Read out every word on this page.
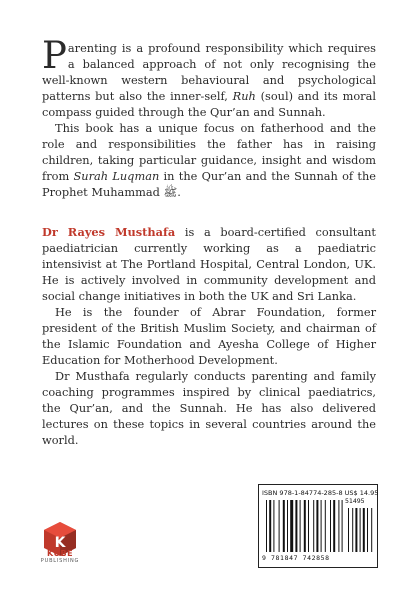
Parenting is a profound responsibility which requires a balanced approach of not only recognising the well-known western behavioural and psychological patterns but also the inner-self, Ruh (soul) and its moral compass guided through the Qur’an and Sunnah.

This book has a unique focus on fatherhood and the role and responsibilities the father has in raising children, taking particular guidance, insight and wisdom from Surah Luqman in the Qur’an and the Sunnah of the Prophet Muhammad ﷺ.

Dr Rayes Musthafa is a board-certified consultant paediatrician currently working as a paediatric intensivist at The Portland Hospital, Central London, UK. He is actively involved in community development and social change initiatives in both the UK and Sri Lanka.

He is the founder of Abrar Foundation, former president of the British Muslim Society, and chairman of the Islamic Foundation and Ayesha College of Higher Education for Motherhood Development.

Dr Musthafa regularly conducts parenting and family coaching programmes inspired by clinical paediatrics, the Qur’an, and the Sunnah. He has also delivered lectures on these topics in several countries around the world.

ISBN 978-1-84774-285-8 US$ 14.95
51495
9 781847 742858
K
KUBE
PUBLISHING
